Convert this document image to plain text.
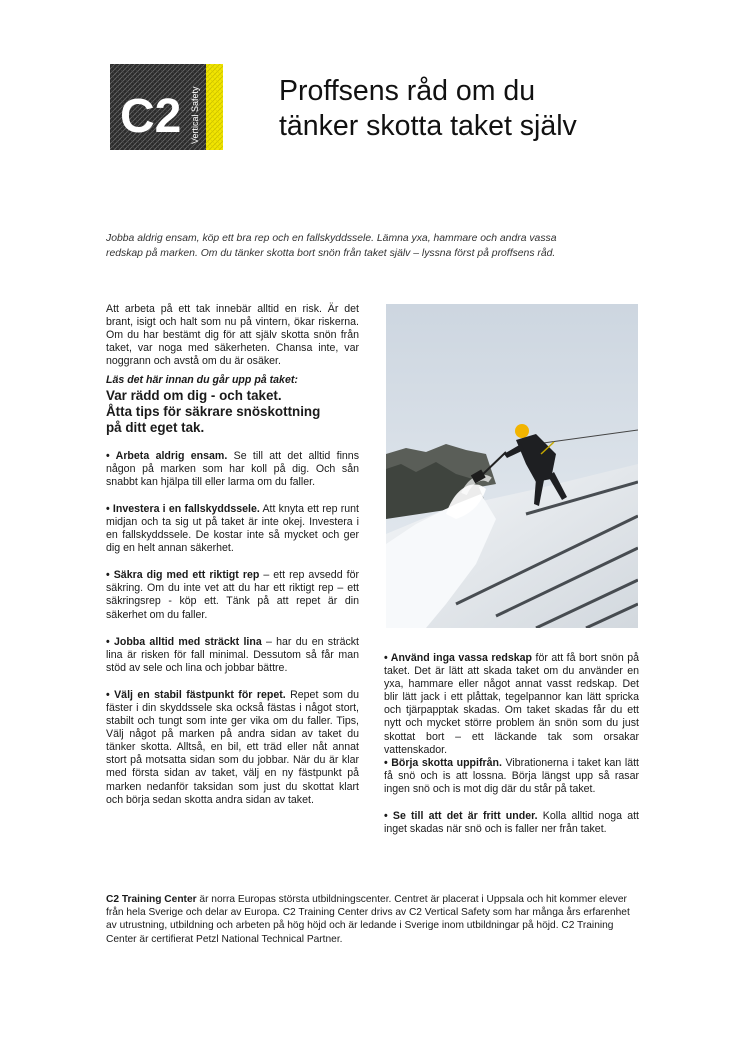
C2 Vertical Safety	Proffsens råd om du
tänker skotta taket själv
Jobba aldrig ensam, köp ett bra rep och en fallskyddssele. Lämna yxa, hammare och andra vassa
redskap på marken. Om du tänker skotta bort snön från taket själv – lyssna först på proffsens råd.

Att arbeta på ett tak innebär alltid en risk. Är det brant, isigt och halt som nu på vintern, ökar riskerna. Om du har bestämt dig för att själv skotta snön från taket, var noga med säkerheten. Chansa inte, var noggrann och avstå om du är osäker.

Läs det här innan du går upp på taket:

Var rädd om dig - och taket.
Åtta tips för säkrare snöskottning
på ditt eget tak.

• Arbeta aldrig ensam. Se till att det alltid finns någon på marken som har koll på dig. Och sån snabbt kan hjälpa till eller larma om du faller.

• Investera i en fallskyddssele. Att knyta ett rep runt midjan och ta sig ut på taket är inte okej. Investera i en fallskyddssele. De kostar inte så mycket och ger dig en helt annan säkerhet.

• Säkra dig med ett riktigt rep – ett rep avsedd för säkring. Om du inte vet att du har ett riktigt rep – ett säkringsrep - köp ett. Tänk på att repet är din säkerhet om du faller.

• Jobba alltid med sträckt lina – har du en sträckt lina är risken för fall minimal. Dessutom så får man stöd av sele och lina och jobbar bättre.

• Välj en stabil fästpunkt för repet. Repet som du fäster i din skyddssele ska också fästas i något stort, stabilt och tungt som inte ger vika om du faller. Tips, Välj något på marken på andra sidan av taket du tänker skotta. Alltså, en bil, ett träd eller nåt annat stort på motsatta sidan som du jobbar. När du är klar med första sidan av taket, välj en ny fästpunkt på marken nedanför taksidan som just du skottat klart och börja sedan skotta andra sidan av taket.

• Använd inga vassa redskap för att få bort snön på taket. Det är lätt att skada taket om du använder en yxa, hammare eller något annat vasst redskap. Det blir lätt jack i ett plåttak, tegelpannor kan lätt spricka och tjärpapptak skadas. Om taket skadas får du ett nytt och mycket större problem än snön som du just skottat bort – ett läckande tak som orsakar vattenskador.

• Börja skotta uppifrån. Vibrationerna i taket kan lätt få snö och is att lossna. Börja längst upp så rasar ingen snö och is mot dig där du står på taket.

• Se till att det är fritt under. Kolla alltid noga att inget skadas när snö och is faller ner från taket.

C2 Training Center är norra Europas största utbildningscenter. Centret är placerat i Uppsala och hit kommer elever från hela Sverige och delar av Europa. C2 Training Center drivs av C2 Vertical Safety som har många års erfarenhet av utrustning, utbildning och arbeten på hög höjd och är ledande i Sverige inom utbildningar på höjd. C2 Training Center är certifierat Petzl National Technical Partner.
